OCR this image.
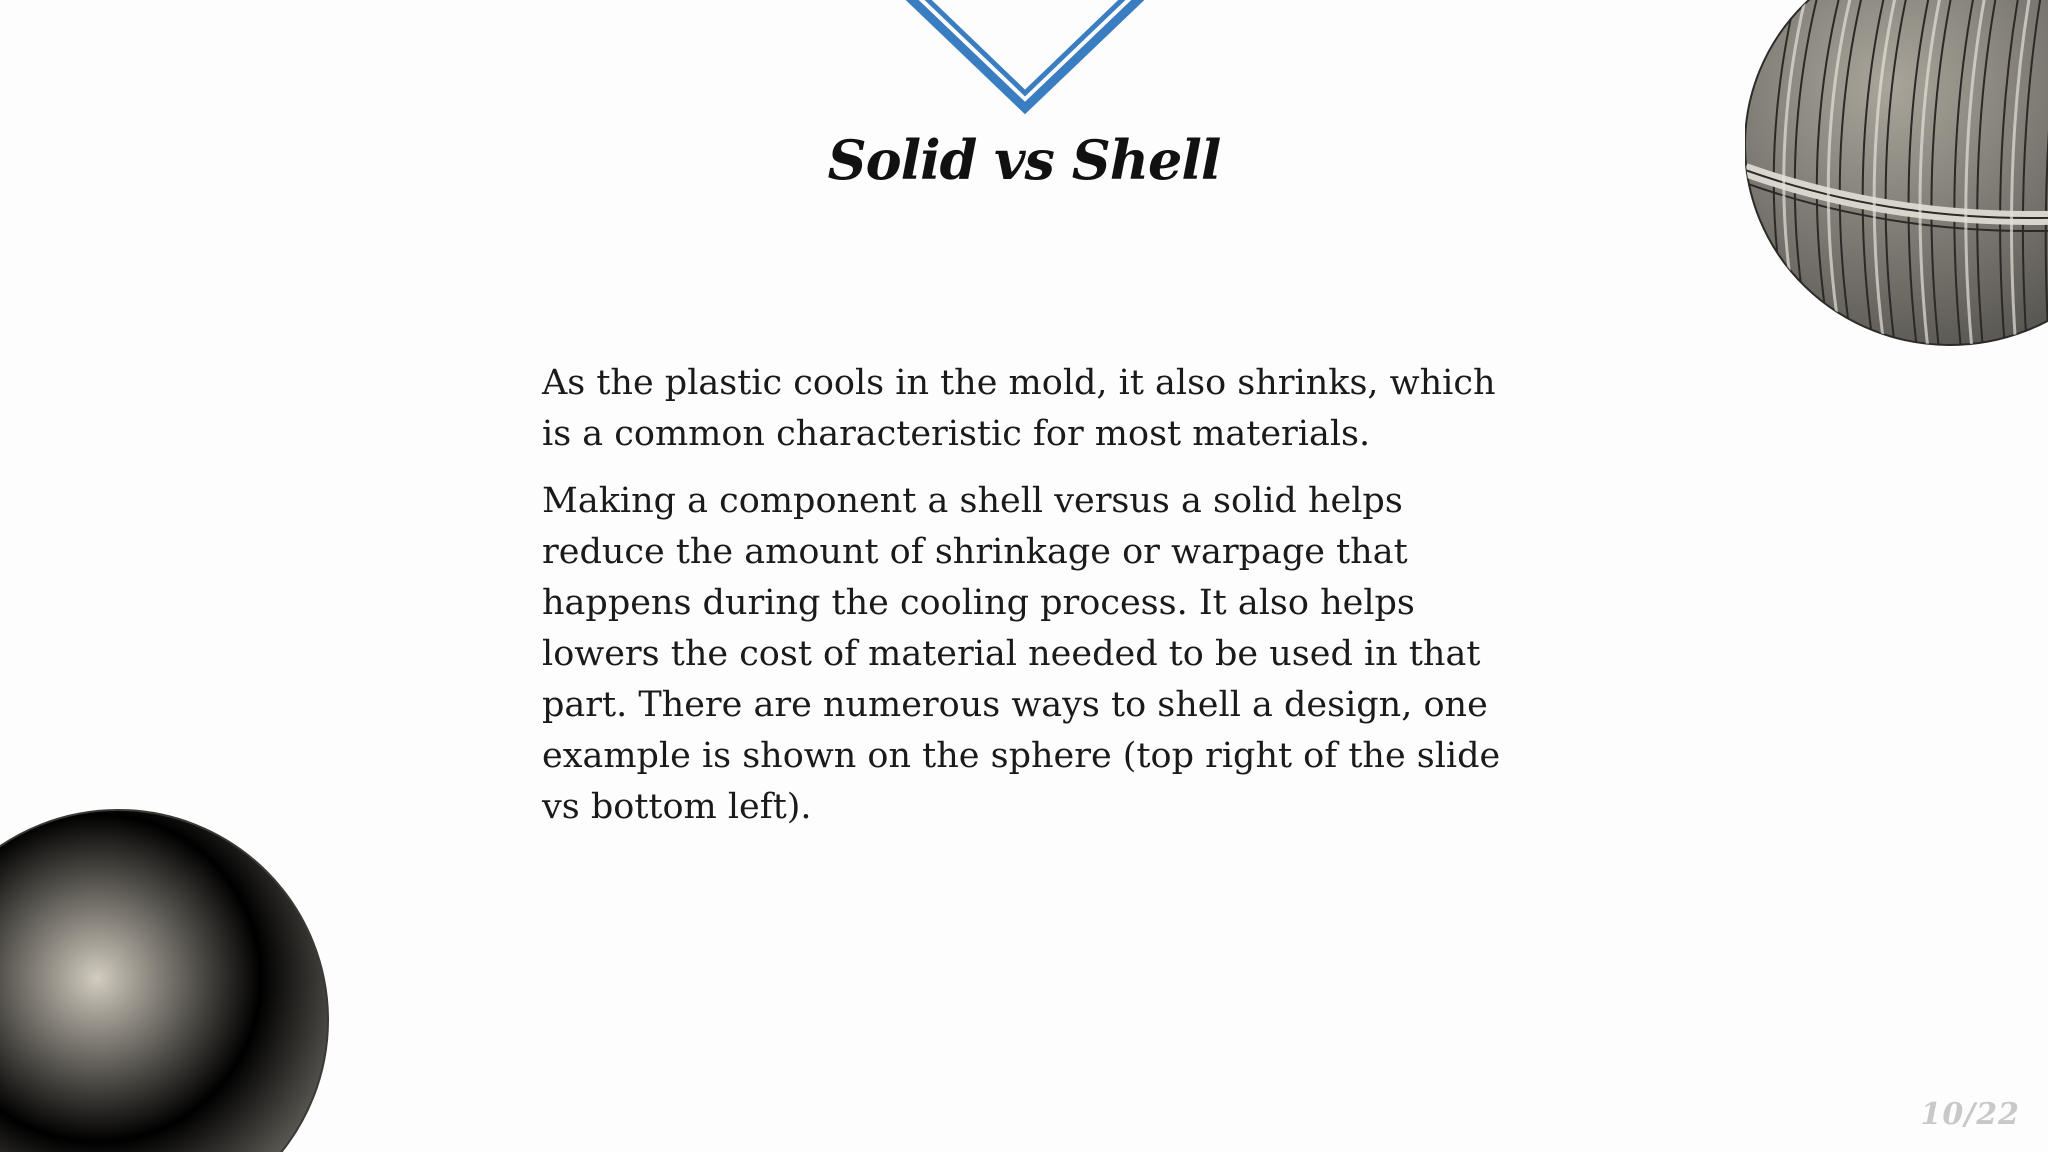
Solid vs Shell

As the plastic cools in the mold, it also shrinks, which is a common characteristic for most materials.

Making a component a shell versus a solid helps reduce the amount of shrinkage or warpage that happens during the cooling process. It also helps lowers the cost of material needed to be used in that part. There are numerous ways to shell a design, one example is shown on the sphere (top right of the slide vs bottom left).

10/22
